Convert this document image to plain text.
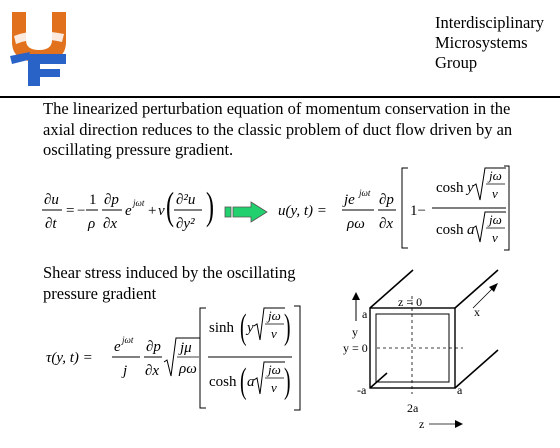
Interdisciplinary
Microsystems
Group
The linearized perturbation equation of momentum conservation in the axial direction reduces to the classic problem of duct flow driven by an oscillating pressure gradient.
∂u
∂t
= −
1
ρ
∂p
∂x
e jωt + ν ( ∂²u
∂y² )	u(y, t) =
je jωt
ρω
∂p
∂x
1−
cosh y
jω
ν
cosh a
jω
ν
Shear stress induced by the oscillating pressure gradient
τ(y, t) =
e jωt
j
∂p
∂x
jμ
ρω
sinh ( y
jω
ν )
cosh ( a
jω
ν )
a
z = 0
x
y
y = 0
-a	a
2a
z
